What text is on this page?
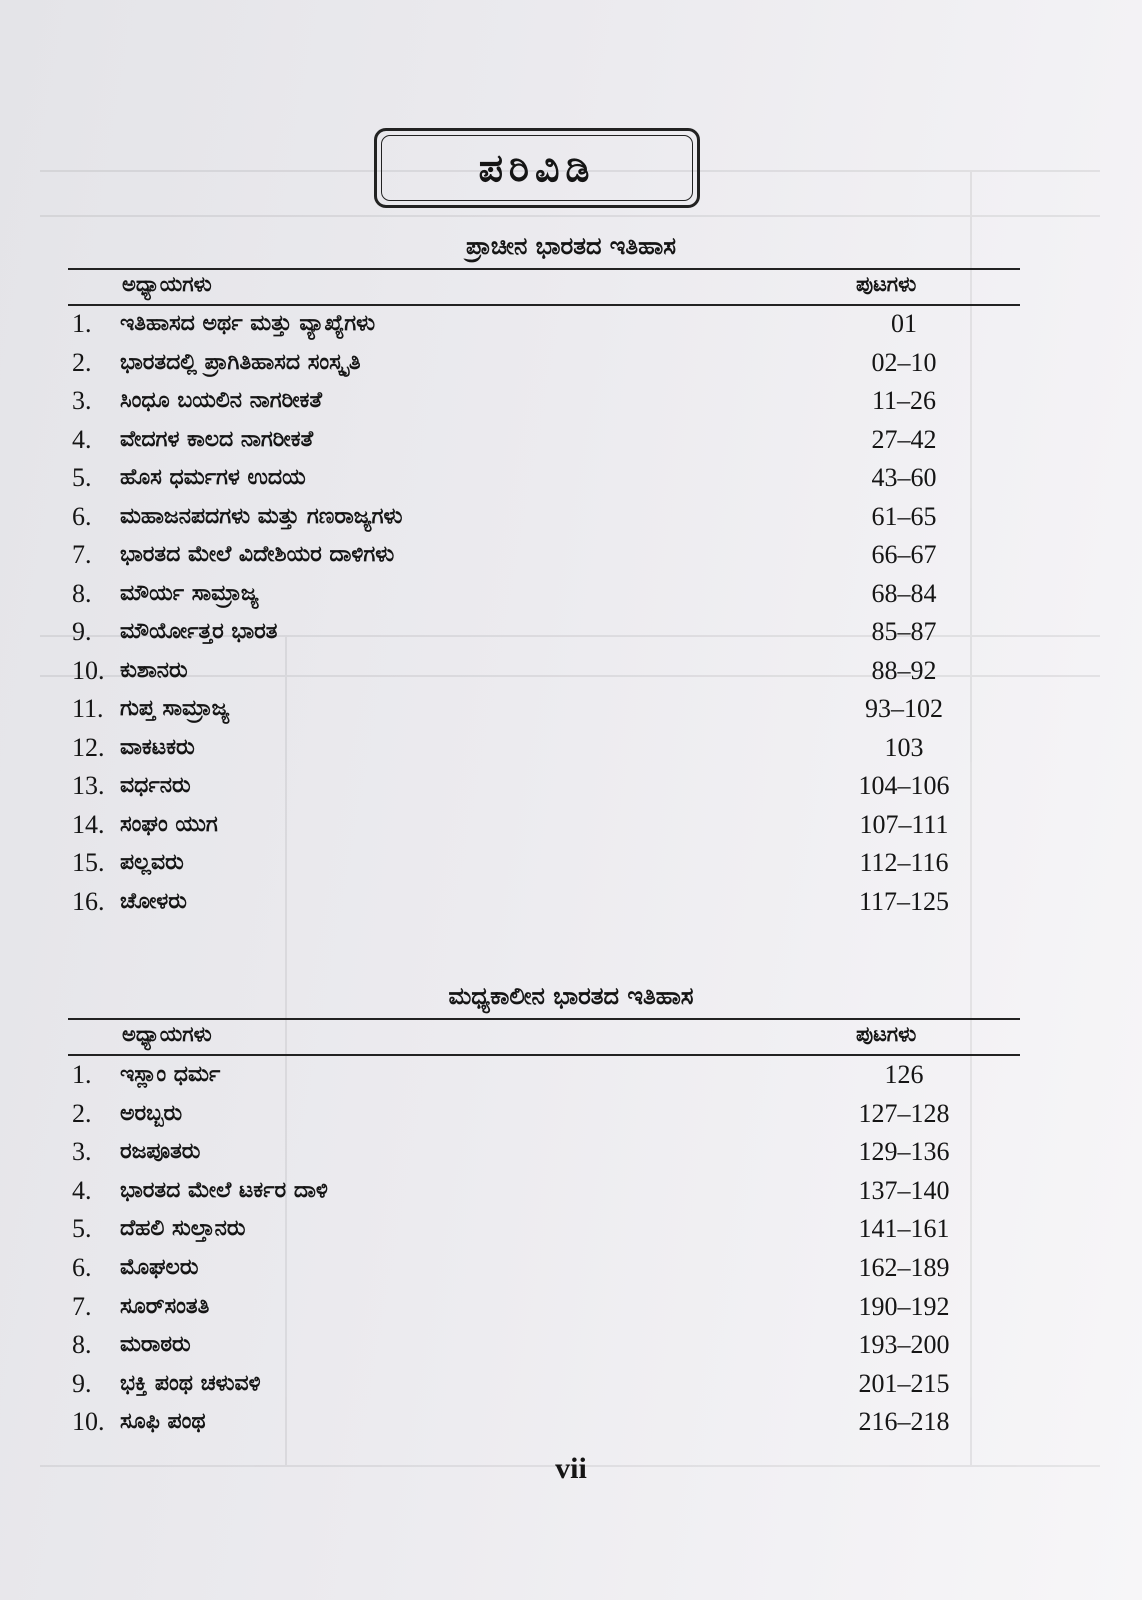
ಪರಿವಿಡಿ
ಪ್ರಾಚೀನ ಭಾರತದ ಇತಿಹಾಸ
ಅಧ್ಯಾಯಗಳು	ಪುಟಗಳು
1. ಇತಿಹಾಸದ ಅರ್ಥ ಮತ್ತು ವ್ಯಾಖ್ಯೆಗಳು	01
2. ಭಾರತದಲ್ಲಿ ಪ್ರಾಗಿತಿಹಾಸದ ಸಂಸ್ಕೃತಿ	02–10
3. ಸಿಂಧೂ ಬಯಲಿನ ನಾಗರೀಕತೆ	11–26
4. ವೇದಗಳ ಕಾಲದ ನಾಗರೀಕತೆ	27–42
5. ಹೊಸ ಧರ್ಮಗಳ ಉದಯ	43–60
6. ಮಹಾಜನಪದಗಳು ಮತ್ತು ಗಣರಾಜ್ಯಗಳು	61–65
7. ಭಾರತದ ಮೇಲೆ ವಿದೇಶಿಯರ ದಾಳಿಗಳು	66–67
8. ಮೌರ್ಯ ಸಾಮ್ರಾಜ್ಯ	68–84
9. ಮೌರ್ಯೋತ್ತರ ಭಾರತ	85–87
10. ಕುಶಾನರು	88–92
11. ಗುಪ್ತ ಸಾಮ್ರಾಜ್ಯ	93–102
12. ವಾಕಟಕರು	103
13. ವರ್ಧನರು	104–106
14. ಸಂಘಂ ಯುಗ	107–111
15. ಪಲ್ಲವರು	112–116
16. ಚೋಳರು	117–125
ಮಧ್ಯಕಾಲೀನ ಭಾರತದ ಇತಿಹಾಸ
ಅಧ್ಯಾಯಗಳು	ಪುಟಗಳು
1. ಇಸ್ಲಾಂ ಧರ್ಮ	126
2. ಅರಬ್ಬರು	127–128
3. ರಜಪೂತರು	129–136
4. ಭಾರತದ ಮೇಲೆ ಟರ್ಕರ ದಾಳಿ	137–140
5. ದೆಹಲಿ ಸುಲ್ತಾನರು	141–161
6. ಮೊಘಲರು	162–189
7. ಸೂರ್‌ಸಂತತಿ	190–192
8. ಮರಾಠರು	193–200
9. ಭಕ್ತಿ ಪಂಥ ಚಳುವಳಿ	201–215
10. ಸೂಫಿ ಪಂಥ	216–218
vii
